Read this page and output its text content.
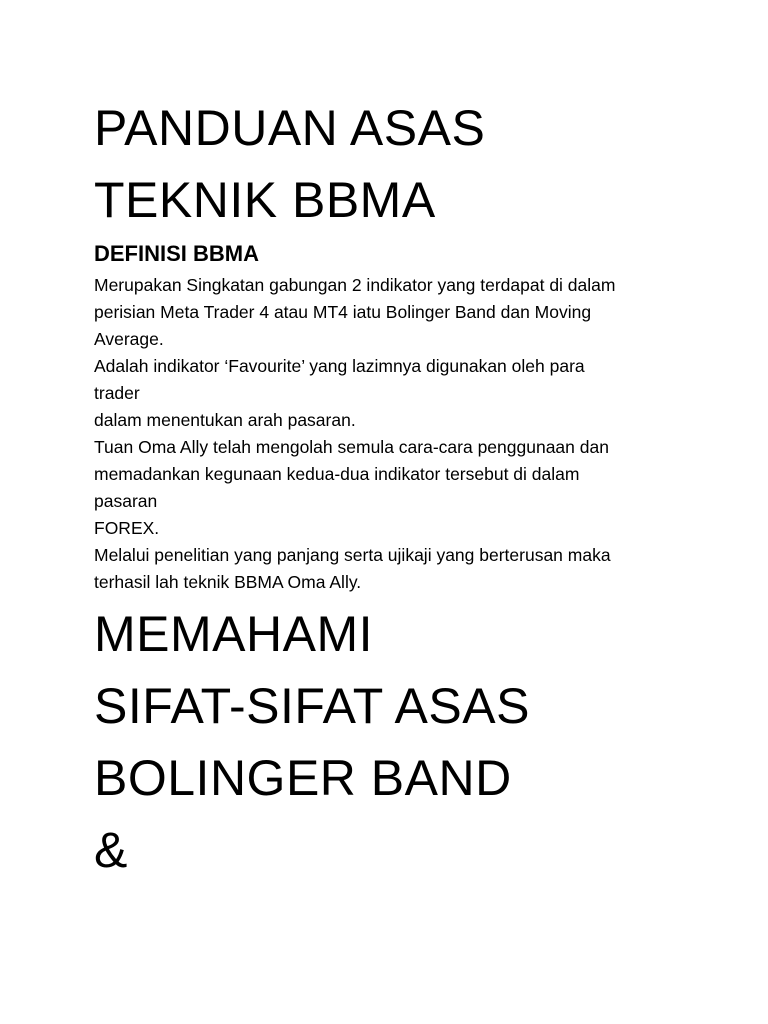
PANDUAN ASAS
TEKNIK BBMA
DEFINISI BBMA
Merupakan Singkatan gabungan 2 indikator yang terdapat di dalam
perisian Meta Trader 4 atau MT4 iatu Bolinger Band dan Moving
Average.
Adalah indikator ‘Favourite’ yang lazimnya digunakan oleh para
trader
dalam menentukan arah pasaran.
Tuan Oma Ally telah mengolah semula cara-cara penggunaan dan
memadankan kegunaan kedua-dua indikator tersebut di dalam
pasaran
FOREX.
Melalui penelitian yang panjang serta ujikaji yang berterusan maka
terhasil lah teknik BBMA Oma Ally.
MEMAHAMI
SIFAT-SIFAT ASAS
BOLINGER BAND
&
